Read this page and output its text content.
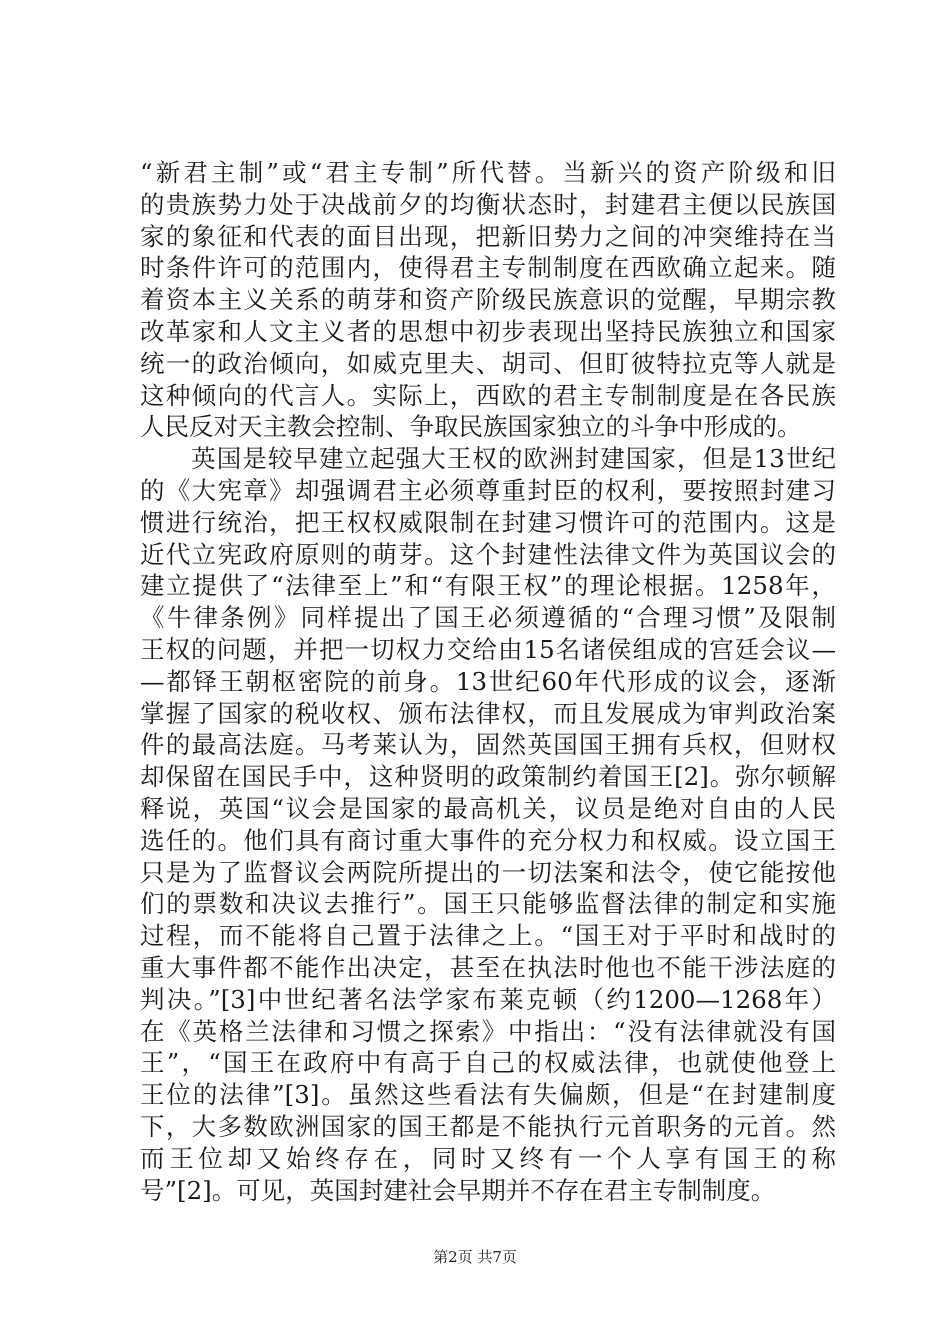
“新君主制”或“君主专制”所代替。当新兴的资产阶级和旧
的贵族势力处于决战前夕的均衡状态时，封建君主便以民族国
家的象征和代表的面目出现，把新旧势力之间的冲突维持在当
时条件许可的范围内，使得君主专制制度在西欧确立起来。随
着资本主义关系的萌芽和资产阶级民族意识的觉醒，早期宗教
改革家和人文主义者的思想中初步表现出坚持民族独立和国家
统一的政治倾向，如威克里夫、胡司、但盯彼特拉克等人就是
这种倾向的代言人。实际上，西欧的君主专制制度是在各民族
人民反对天主教会控制、争取民族国家独立的斗争中形成的。
　　英国是较早建立起强大王权的欧洲封建国家，但是13世纪
的《大宪章》却强调君主必须尊重封臣的权利，要按照封建习
惯进行统治，把王权权威限制在封建习惯许可的范围内。这是
近代立宪政府原则的萌芽。这个封建性法律文件为英国议会的
建立提供了“法律至上”和“有限王权”的理论根据。1258年，
《牛律条例》同样提出了国王必须遵循的“合理习惯”及限制
王权的问题，并把一切权力交给由15名诸侯组成的宫廷会议—
—都铎王朝枢密院的前身。13世纪60年代形成的议会，逐渐
掌握了国家的税收权、颁布法律权，而且发展成为审判政治案
件的最高法庭。马考莱认为，固然英国国王拥有兵权，但财权
却保留在国民手中，这种贤明的政策制约着国王[2]。弥尔顿解
释说，英国“议会是国家的最高机关，议员是绝对自由的人民
选任的。他们具有商讨重大事件的充分权力和权威。设立国王
只是为了监督议会两院所提出的一切法案和法令，使它能按他
们的票数和决议去推行”。国王只能够监督法律的制定和实施
过程，而不能将自己置于法律之上。“国王对于平时和战时的
重大事件都不能作出决定，甚至在执法时他也不能干涉法庭的
判决。”[3]中世纪著名法学家布莱克顿（约1200—1268年）
在《英格兰法律和习惯之探索》中指出：“没有法律就没有国
王”，“国王在政府中有高于自己的权威法律，也就使他登上
王位的法律”[3]。虽然这些看法有失偏颇，但是“在封建制度
下，大多数欧洲国家的国王都是不能执行元首职务的元首。然
而王位却又始终存在，同时又终有一个人享有国王的称
号”[2]。可见，英国封建社会早期并不存在君主专制制度。
第2页 共7页
